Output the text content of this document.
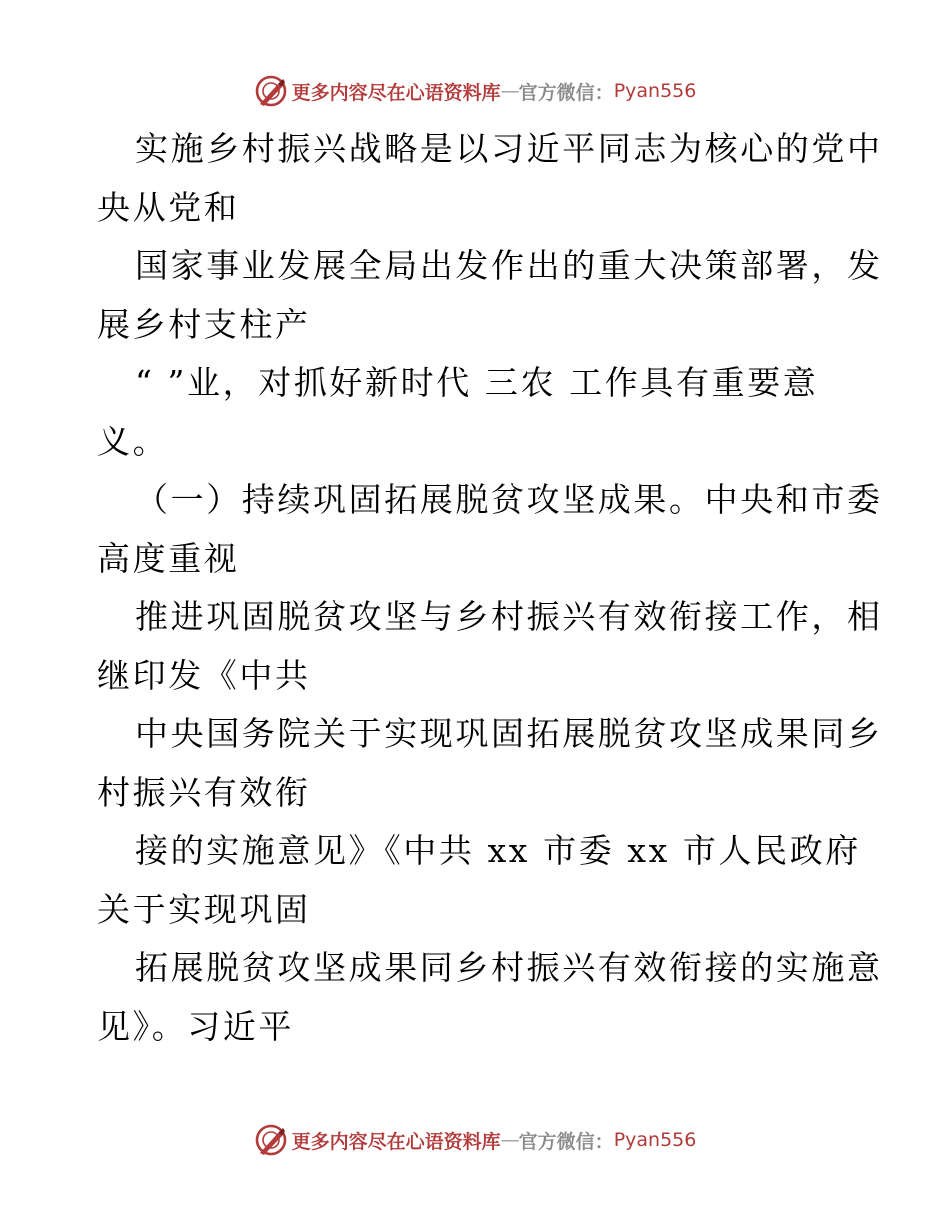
更多内容尽在心语资料库 — 官方微信： Pyan556
实施乡村振兴战略是以习近平同志为核心的党中
央从党和
国家事业发展全局出发作出的重大决策部署，发
展乡村支柱产
“ ”业，对抓好新时代 三农 工作具有重要意
义。
（一）持续巩固拓展脱贫攻坚成果。中央和市委
高度重视
推进巩固脱贫攻坚与乡村振兴有效衔接工作，相
继印发《中共
中央国务院关于实现巩固拓展脱贫攻坚成果同乡
村振兴有效衔
接的实施意见》《中共 xx 市委 xx 市人民政府
关于实现巩固
拓展脱贫攻坚成果同乡村振兴有效衔接的实施意
见》。习近平
更多内容尽在心语资料库 — 官方微信： Pyan556
